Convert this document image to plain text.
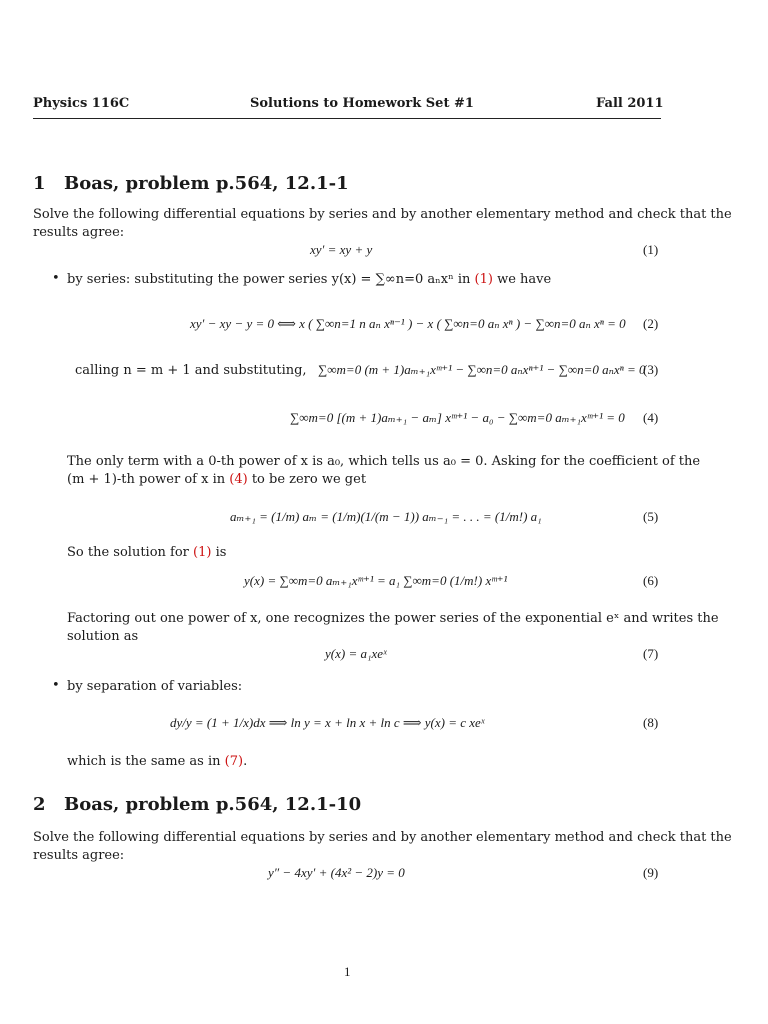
Physics 116C	Solutions to Homework Set #1	Fall 2011
1 Boas, problem p.564, 12.1-1
Solve the following differential equations by series and by another elementary method and check that the
results agree:
xy′ = xy + y	(1)
• by series: substituting the power series y(x) = ∑∞n=0 aₙxⁿ in (1) we have
xy′ − xy − y = 0 ⟺ x ( ∑∞n=1 n aₙ xⁿ⁻¹ ) − x ( ∑∞n=0 aₙ xⁿ ) − ∑∞n=0 aₙ xⁿ = 0 (2)
calling n = m + 1 and substituting, ∑∞m=0 (m + 1)aₘ₊₁xᵐ⁺¹ − ∑∞n=0 aₙxⁿ⁺¹ − ∑∞n=0 aₙxⁿ = 0
(3)
∑∞m=0 [(m + 1)aₘ₊₁ − aₘ] xᵐ⁺¹ − a₀ − ∑∞m=0 aₘ₊₁xᵐ⁺¹ = 0 (4)
The only term with a 0-th power of x is a₀, which tells us a₀ = 0. Asking for the coefficient of the
(m + 1)-th power of x in (4) to be zero we get
aₘ₊₁ = (1/m) aₘ = (1/m)(1/(m − 1)) aₘ₋₁ = . . . = (1/m!) a₁	(5)
So the solution for (1) is
y(x) = ∑∞m=0 aₘ₊₁xᵐ⁺¹ = a₁ ∑∞m=0 (1/m!) xᵐ⁺¹	(6)
Factoring out one power of x, one recognizes the power series of the exponential eˣ and writes the
solution as
y(x) = a₁xeˣ	(7)
• by separation of variables:
dy/y = (1 + 1/x)dx ⟹ ln y = x + ln x + ln c ⟹ y(x) = c xeˣ	(8)
which is the same as in (7).
2 Boas, problem p.564, 12.1-10
Solve the following differential equations by series and by another elementary method and check that the
results agree:
y″ − 4xy′ + (4x² − 2)y = 0	(9)
1
